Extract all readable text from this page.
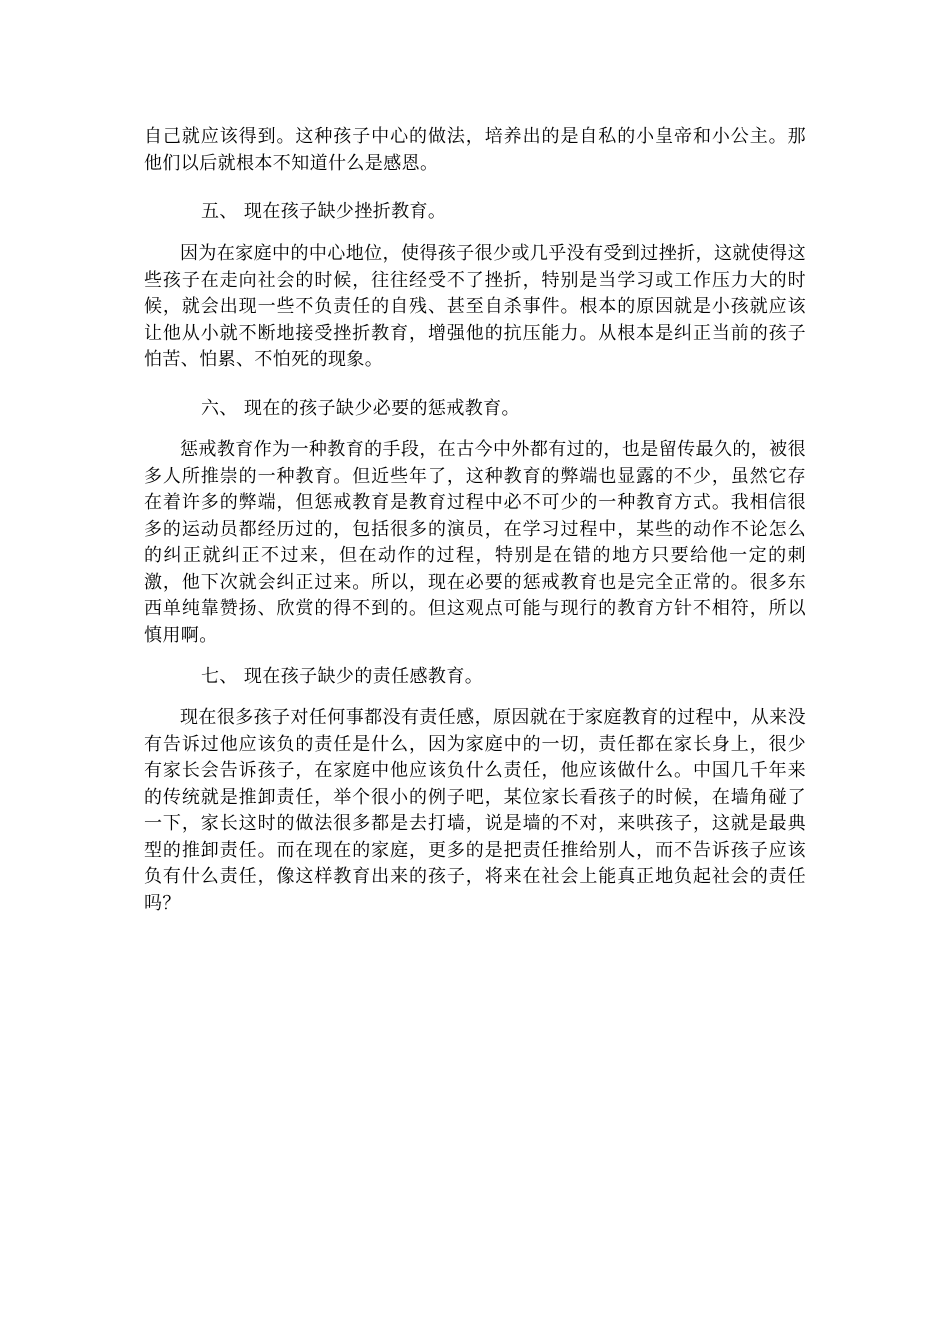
自己就应该得到。这种孩子中心的做法，培养出的是自私的小皇帝和小公主。那他们以后就根本不知道什么是感恩。

五、 现在孩子缺少挫折教育。

因为在家庭中的中心地位，使得孩子很少或几乎没有受到过挫折，这就使得这些孩子在走向社会的时候，往往经受不了挫折，特别是当学习或工作压力大的时候，就会出现一些不负责任的自残、甚至自杀事件。根本的原因就是小孩就应该让他从小就不断地接受挫折教育，增强他的抗压能力。从根本是纠正当前的孩子怕苦、怕累、不怕死的现象。

六、 现在的孩子缺少必要的惩戒教育。

惩戒教育作为一种教育的手段，在古今中外都有过的，也是留传最久的，被很多人所推崇的一种教育。但近些年了，这种教育的弊端也显露的不少，虽然它存在着许多的弊端，但惩戒教育是教育过程中必不可少的一种教育方式。我相信很多的运动员都经历过的，包括很多的演员，在学习过程中，某些的动作不论怎么的纠正就纠正不过来，但在动作的过程，特别是在错的地方只要给他一定的刺激，他下次就会纠正过来。所以，现在必要的惩戒教育也是完全正常的。很多东西单纯靠赞扬、欣赏的得不到的。但这观点可能与现行的教育方针不相符，所以慎用啊。

七、 现在孩子缺少的责任感教育。

现在很多孩子对任何事都没有责任感，原因就在于家庭教育的过程中，从来没有告诉过他应该负的责任是什么，因为家庭中的一切，责任都在家长身上，很少有家长会告诉孩子，在家庭中他应该负什么责任，他应该做什么。中国几千年来的传统就是推卸责任，举个很小的例子吧，某位家长看孩子的时候，在墙角碰了一下，家长这时的做法很多都是去打墙，说是墙的不对，来哄孩子，这就是最典型的推卸责任。而在现在的家庭，更多的是把责任推给别人，而不告诉孩子应该负有什么责任，像这样教育出来的孩子，将来在社会上能真正地负起社会的责任吗？
